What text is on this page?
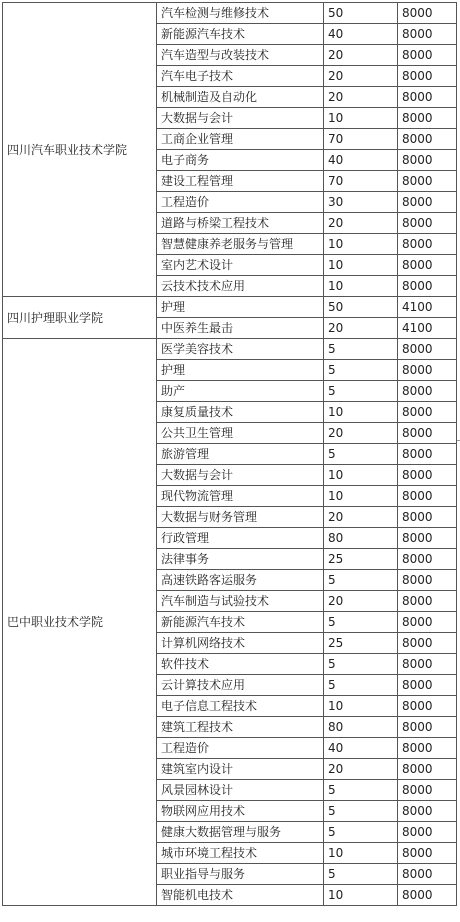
四川汽车职业技术学院	汽车检测与维修技术	50	8000
	新能源汽车技术	40	8000
	汽车造型与改装技术	20	8000
	汽车电子技术	20	8000
	机械制造及自动化	20	8000
	大数据与会计	10	8000
	工商企业管理	70	8000
	电子商务	40	8000
	建设工程管理	70	8000
	工程造价	30	8000
	道路与桥梁工程技术	20	8000
	智慧健康养老服务与管理	10	8000
	室内艺术设计	10	8000
	云技术技术应用	10	8000
四川护理职业学院	护理	50	4100
	中医养生最击	20	4100
巴中职业技术学院	医学美容技术	5	8000
	护理	5	8000
	助产	5	8000
	康复质量技术	10	8000
	公共卫生管理	20	8000
	旅游管理	5	8000
	大数据与会计	10	8000
	现代物流管理	10	8000
	大数据与财务管理	20	8000
	行政管理	80	8000
	法律事务	25	8000
	高速铁路客运服务	5	8000
	汽车制造与试验技术	20	8000
	新能源汽车技术	5	8000
	计算机网络技术	25	8000
	软件技术	5	8000
	云计算技术应用	5	8000
	电子信息工程技术	10	8000
	建筑工程技术	80	8000
	工程造价	40	8000
	建筑室内设计	20	8000
	风景园林设计	5	8000
	物联网应用技术	5	8000
	健康大数据管理与服务	5	8000
	城市环境工程技术	10	8000
	职业指导与服务	5	8000
	智能机电技术	10	8000
